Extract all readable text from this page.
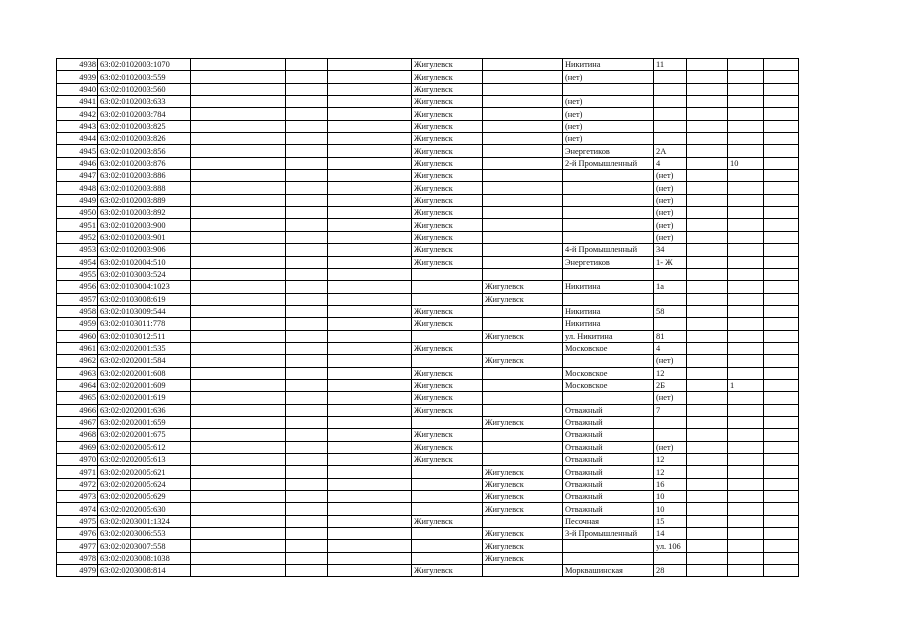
4938	63:02:0102003:1070				Жигулевск		Никитина	11			
4939	63:02:0102003:559				Жигулевск		(нет)				
4940	63:02:0102003:560				Жигулевск						
4941	63:02:0102003:633				Жигулевск		(нет)				
4942	63:02:0102003:784				Жигулевск		(нет)				
4943	63:02:0102003:825				Жигулевск		(нет)				
4944	63:02:0102003:826				Жигулевск		(нет)				
4945	63:02:0102003:856				Жигулевск		Энергетиков	2А			
4946	63:02:0102003:876				Жигулевск		2-й Промышленный	4		10	
4947	63:02:0102003:886				Жигулевск			(нет)			
4948	63:02:0102003:888				Жигулевск			(нет)			
4949	63:02:0102003:889				Жигулевск			(нет)			
4950	63:02:0102003:892				Жигулевск			(нет)			
4951	63:02:0102003:900				Жигулевск			(нет)			
4952	63:02:0102003:901				Жигулевск			(нет)			
4953	63:02:0102003:906				Жигулевск		4-й Промышленный	34			
4954	63:02:0102004:510				Жигулевск		Энергетиков	1- Ж			
4955	63:02:0103003:524										
4956	63:02:0103004:1023					Жигулевск	Никитина	1а			
4957	63:02:0103008:619					Жигулевск					
4958	63:02:0103009:544				Жигулевск		Никитина	58			
4959	63:02:0103011:778				Жигулевск		Никитина				
4960	63:02:0103012:511					Жигулевск	ул. Никитина	81			
4961	63:02:0202001:535				Жигулевск		Московское	4			
4962	63:02:0202001:584					Жигулевск		(нет)			
4963	63:02:0202001:608				Жигулевск		Московское	12			
4964	63:02:0202001:609				Жигулевск		Московское	2Б		1	
4965	63:02:0202001:619				Жигулевск			(нет)			
4966	63:02:0202001:636				Жигулевск		Отважный	7			
4967	63:02:0202001:659					Жигулевск	Отважный				
4968	63:02:0202001:675				Жигулевск		Отважный				
4969	63:02:0202005:612				Жигулевск		Отважный	(нет)			
4970	63:02:0202005:613				Жигулевск		Отважный	12			
4971	63:02:0202005:621					Жигулевск	Отважный	12			
4972	63:02:0202005:624					Жигулевск	Отважный	16			
4973	63:02:0202005:629					Жигулевск	Отважный	10			
4974	63:02:0202005:630					Жигулевск	Отважный	10			
4975	63:02:0203001:1324				Жигулевск		Песочная	15			
4976	63:02:0203006:553					Жигулевск	3-й Промышленный	14			
4977	63:02:0203007:558					Жигулевск		ул. 106			
4978	63:02:0203008:1038					Жигулевск					
4979	63:02:0203008:814				Жигулевск		Морквашинская	28			
